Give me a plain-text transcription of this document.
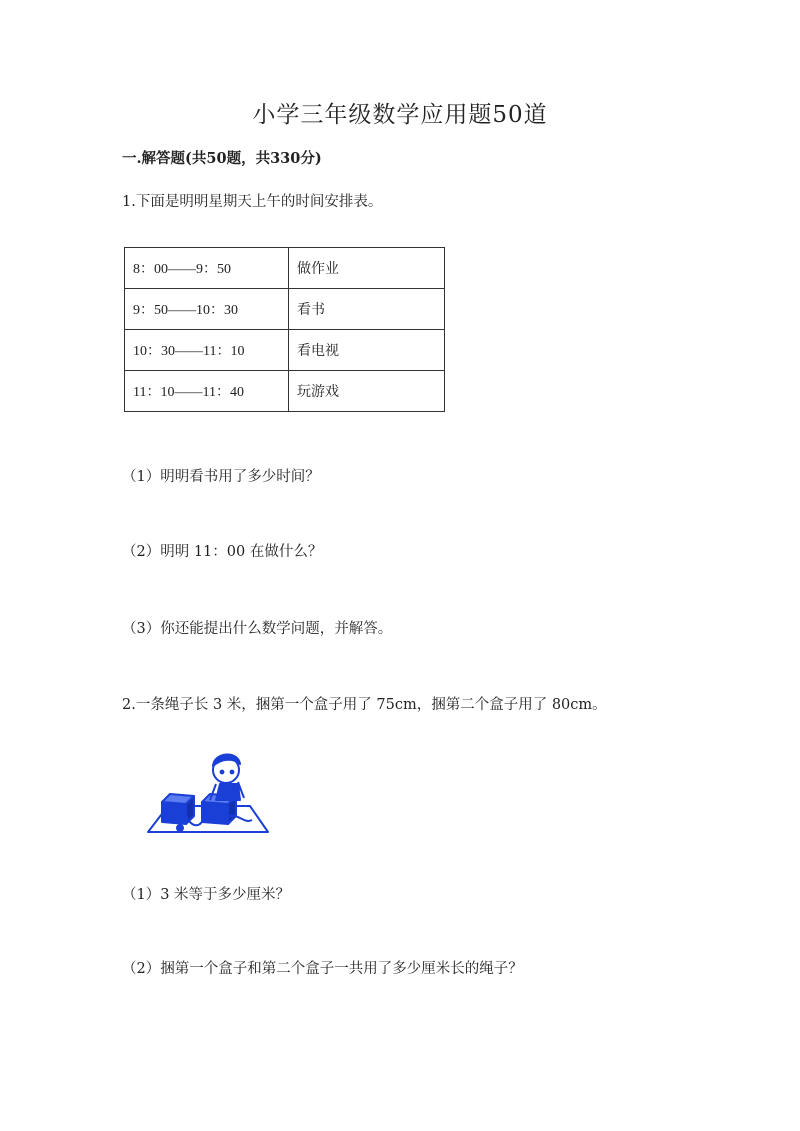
小学三年级数学应用题50道
一.解答题(共50题，共330分)
1.下面是明明星期天上午的时间安排表。
8：00——9：50	做作业
9：50——10：30	看书
10：30——11：10	看电视
11：10——11：40	玩游戏
（1）明明看书用了多少时间？
（2）明明 11：00 在做什么？
（3）你还能提出什么数学问题，并解答。
2.一条绳子长 3 米，捆第一个盒子用了 75cm，捆第二个盒子用了 80cm。
（1）3 米等于多少厘米？
（2）捆第一个盒子和第二个盒子一共用了多少厘米长的绳子？
